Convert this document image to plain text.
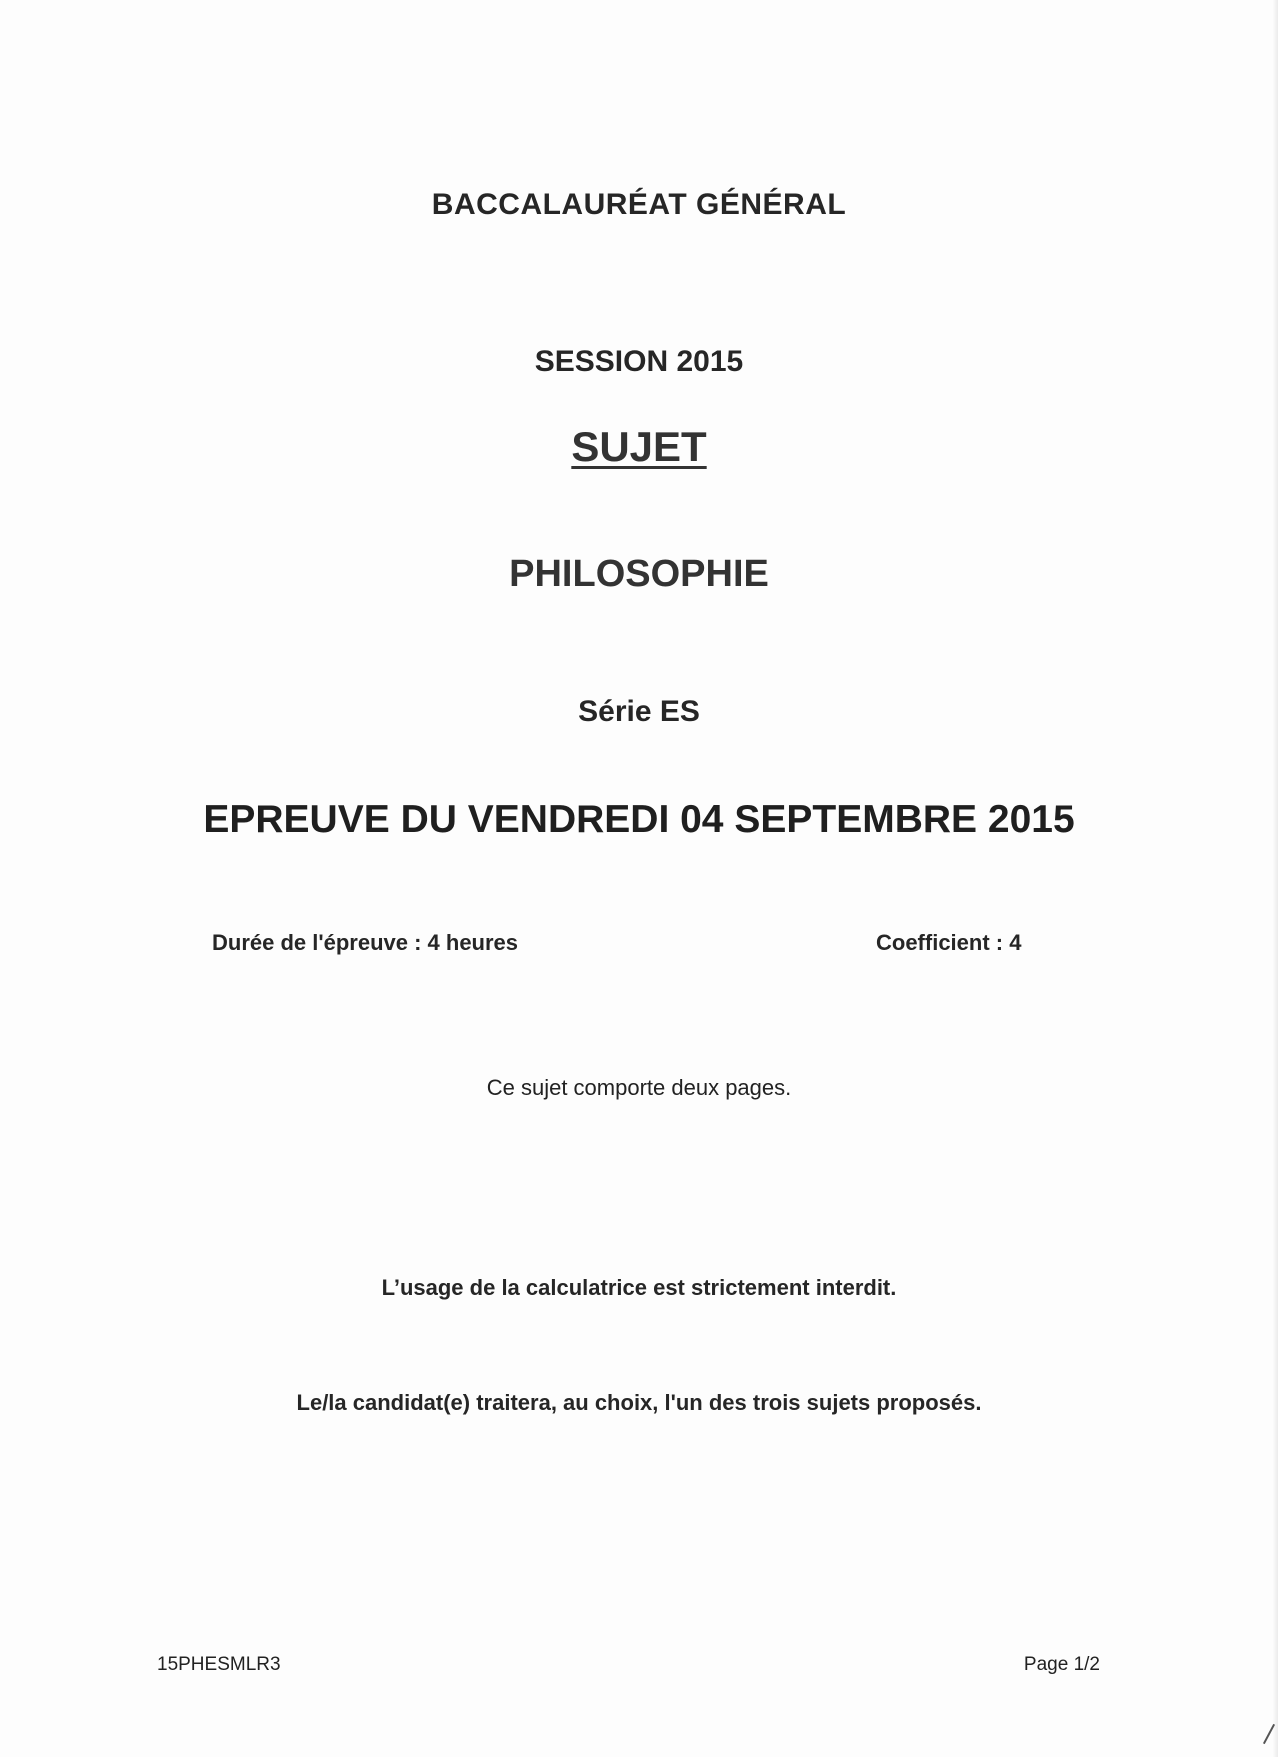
BACCALAURÉAT GÉNÉRAL
SESSION 2015
SUJET
PHILOSOPHIE
Série ES
EPREUVE DU VENDREDI 04 SEPTEMBRE 2015
Durée de l'épreuve : 4 heures	Coefficient : 4
Ce sujet comporte deux pages.
L’usage de la calculatrice est strictement interdit.
Le/la candidat(e) traitera, au choix, l'un des trois sujets proposés.
15PHESMLR3	Page 1/2
